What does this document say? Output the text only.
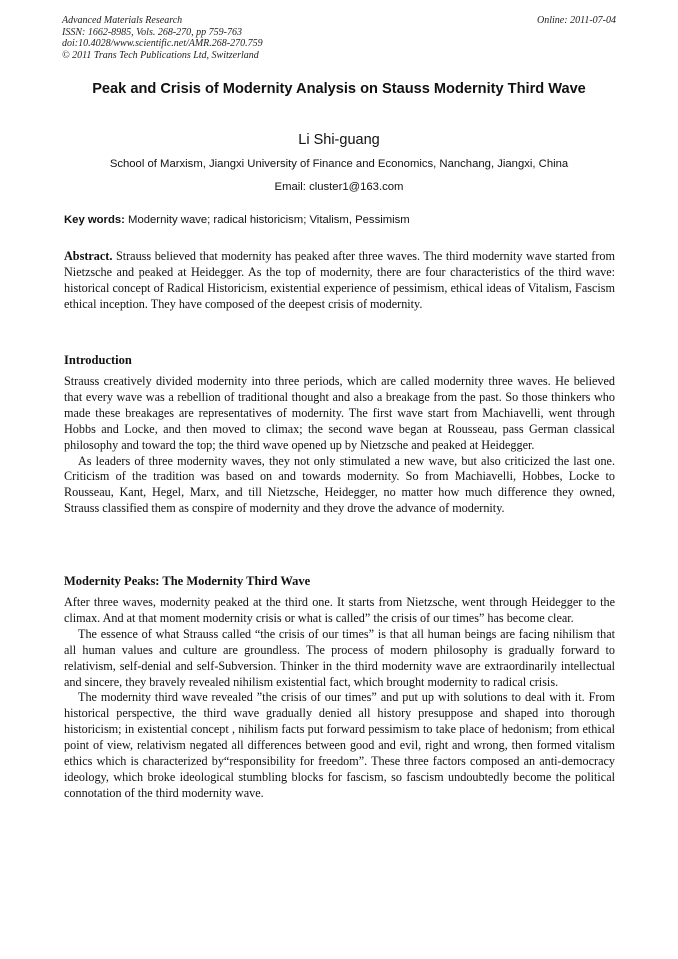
Advanced Materials Research
ISSN: 1662-8985, Vols. 268-270, pp 759-763
doi:10.4028/www.scientific.net/AMR.268-270.759
© 2011 Trans Tech Publications Ltd, Switzerland
Online: 2011-07-04
Peak and Crisis of Modernity Analysis on Stauss Modernity Third Wave
Li Shi-guang
School of Marxism, Jiangxi University of Finance and Economics, Nanchang, Jiangxi, China
Email: cluster1@163.com
Key words: Modernity wave; radical historicism; Vitalism, Pessimism

Abstract. Strauss believed that modernity has peaked after three waves. The third modernity wave started from Nietzsche and peaked at Heidegger. As the top of modernity, there are four characteristics of the third wave: historical concept of Radical Historicism, existential experience of pessimism, ethical ideas of Vitalism, Fascism ethical inception. They have composed of the deepest crisis of modernity.

Introduction

Strauss creatively divided modernity into three periods, which are called modernity three waves. He believed that every wave was a rebellion of traditional thought and also a breakage from the past. So those thinkers who made these breakages are representatives of modernity. The first wave start from Machiavelli, went through Hobbs and Locke, and then moved to climax; the second wave began at Rousseau, pass German classical philosophy and toward the top; the third wave opened up by Nietzsche and peaked at Heidegger.

As leaders of three modernity waves, they not only stimulated a new wave, but also criticized the last one. Criticism of the tradition was based on and towards modernity. So from Machiavelli, Hobbes, Locke to Rousseau, Kant, Hegel, Marx, and till Nietzsche, Heidegger, no matter how much difference they owned, Strauss classified them as conspire of modernity and they drove the advance of modernity.

Modernity Peaks: The Modernity Third Wave

After three waves, modernity peaked at the third one. It starts from Nietzsche, went through Heidegger to the climax. And at that moment modernity crisis or what is called” the crisis of our times” has become clear.

The essence of what Strauss called “the crisis of our times” is that all human beings are facing nihilism that all human values and culture are groundless. The process of modern philosophy is gradually forward to relativism, self-denial and self-Subversion. Thinker in the third modernity wave are extraordinarily intellectual and sincere, they bravely revealed nihilism existential fact, which brought modernity to radical crisis.

The modernity third wave revealed ”the crisis of our times” and put up with solutions to deal with it. From historical perspective, the third wave gradually denied all history presuppose and shaped into thorough historicism; in existential concept , nihilism facts put forward pessimism to take place of hedonism; from ethical point of view, relativism negated all differences between good and evil, right and wrong, then formed vitalism ethics which is characterized by“responsibility for freedom”. These three factors composed an anti-democracy ideology, which broke ideological stumbling blocks for fascism, so fascism undoubtedly become the political connotation of the third modernity wave.
